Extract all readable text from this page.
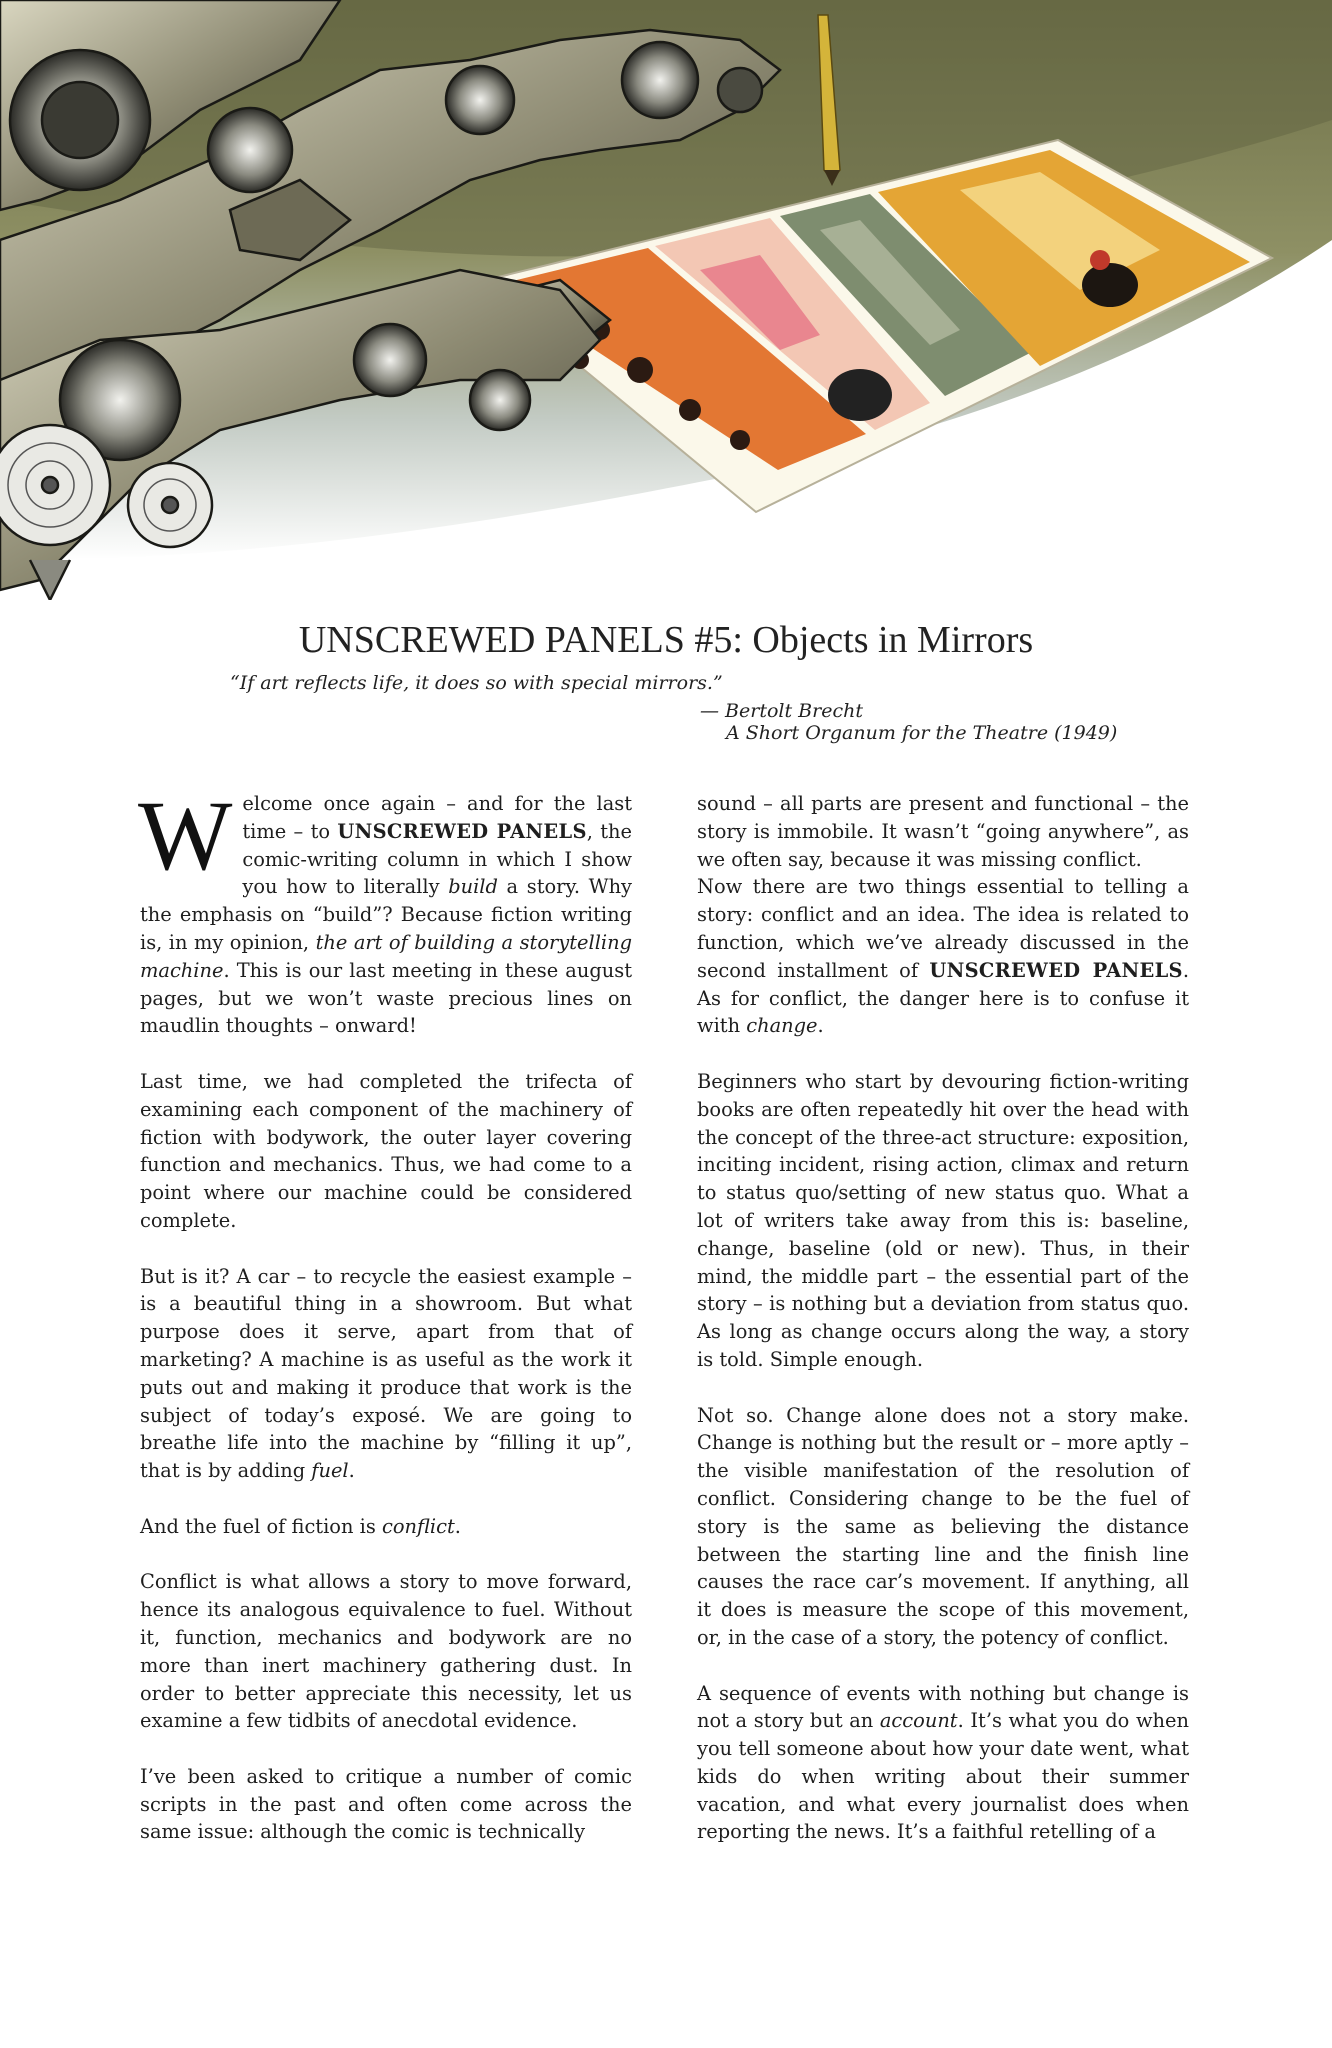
UNSCREWED PANELS #5: Objects in Mirrors

“If art reflects life, it does so with special mirrors.”

— Bertolt Brecht

A Short Organum for the Theatre (1949)

Welcome once again – and for the last time – to UNSCREWED PANELS, the comic-writing column in which I show you how to literally build a story. Why the emphasis on “build”? Because fiction writing is, in my opinion, the art of building a storytelling machine. This is our last meeting in these august pages, but we won’t waste precious lines on maudlin thoughts – onward!

Last time, we had completed the trifecta of examining each component of the machinery of fiction with bodywork, the outer layer covering function and mechanics. Thus, we had come to a point where our machine could be considered complete.

But is it? A car – to recycle the easiest example – is a beautiful thing in a showroom. But what purpose does it serve, apart from that of marketing? A machine is as useful as the work it puts out and making it produce that work is the subject of today’s exposé. We are going to breathe life into the machine by “filling it up”, that is by adding fuel.

And the fuel of fiction is conflict.

Conflict is what allows a story to move forward, hence its analogous equivalence to fuel. Without it, function, mechanics and bodywork are no more than inert machinery gathering dust. In order to better appreciate this necessity, let us examine a few tidbits of anecdotal evidence.

I’ve been asked to critique a number of comic scripts in the past and often come across the same issue: although the comic is technically

sound – all parts are present and functional – the story is immobile. It wasn’t “going anywhere”, as we often say, because it was missing conflict.

Now there are two things essential to telling a story: conflict and an idea. The idea is related to function, which we’ve already discussed in the second installment of UNSCREWED PANELS. As for conflict, the danger here is to confuse it with change.

Beginners who start by devouring fiction-writing books are often repeatedly hit over the head with the concept of the three-act structure: exposition, inciting incident, rising action, climax and return to status quo/setting of new status quo. What a lot of writers take away from this is: baseline, change, baseline (old or new). Thus, in their mind, the middle part – the essential part of the story – is nothing but a deviation from status quo. As long as change occurs along the way, a story is told. Simple enough.

Not so. Change alone does not a story make. Change is nothing but the result or – more aptly – the visible manifestation of the resolution of conflict. Considering change to be the fuel of story is the same as believing the distance between the starting line and the finish line causes the race car’s movement. If anything, all it does is measure the scope of this movement, or, in the case of a story, the potency of conflict.

A sequence of events with nothing but change is not a story but an account. It’s what you do when you tell someone about how your date went, what kids do when writing about their summer vacation, and what every journalist does when reporting the news. It’s a faithful retelling of a
